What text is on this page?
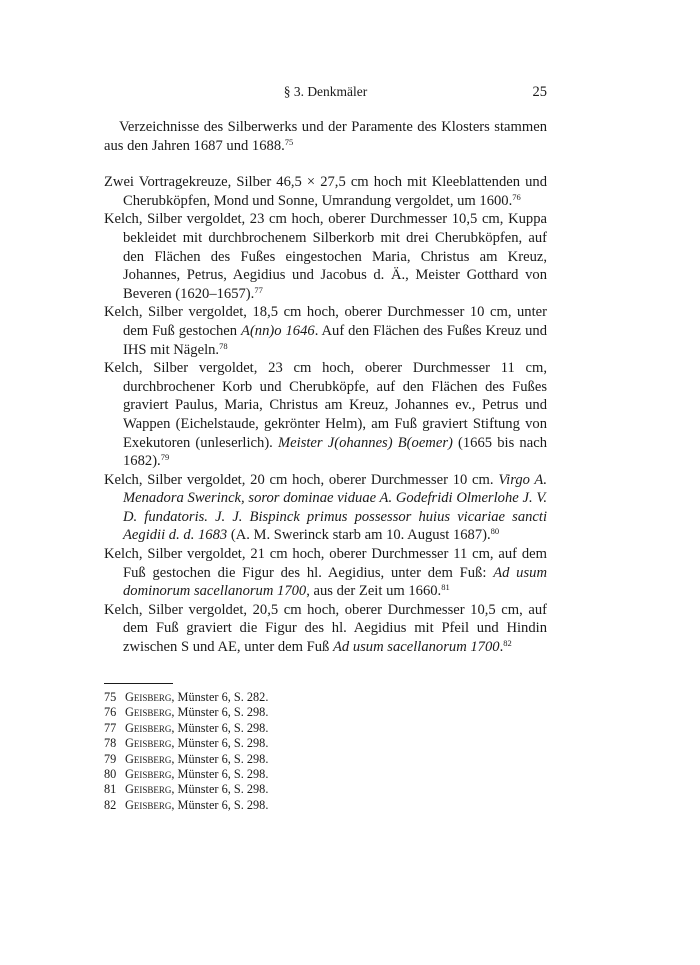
§ 3. Denkmäler	25

Verzeichnisse des Silberwerks und der Paramente des Klosters stammen aus den Jahren 1687 und 1688.75

Zwei Vortragekreuze, Silber 46,5 × 27,5 cm hoch mit Kleeblattenden und Cherubköpfen, Mond und Sonne, Umrandung vergoldet, um 1600.76
Kelch, Silber vergoldet, 23 cm hoch, oberer Durchmesser 10,5 cm, Kuppa bekleidet mit durchbrochenem Silberkorb mit drei Cherubköpfen, auf den Flächen des Fußes eingestochen Maria, Christus am Kreuz, Johannes, Petrus, Aegidius und Jacobus d. Ä., Meister Gotthard von Beveren (1620–1657).$^{77}$
Kelch, Silber vergoldet, 18,5 cm hoch, oberer Durchmesser 10 cm, unter dem Fuß gestochen A(nn)o 1646. Auf den Flächen des Fußes Kreuz und IHS mit Nägeln.$^{78}$
Kelch, Silber vergoldet, 23 cm hoch, oberer Durchmesser 11 cm, durchbrochener Korb und Cherubköpfe, auf den Flächen des Fußes graviert Paulus, Maria, Christus am Kreuz, Johannes ev., Petrus und Wappen (Eichelstaude, gekrönter Helm), am Fuß graviert Stiftung von Exekutoren (unleserlich). Meister J(ohannes) B(oemer) (1665 bis nach 1682).$^{79}$
Kelch, Silber vergoldet, 20 cm hoch, oberer Durchmesser 10 cm. Virgo A. Menadora Swerinck, soror dominae viduae A. Godefridi Olmerlohe J. V. D. fundatoris. J. J. Bispinck primus possessor huius vicariae sancti Aegidii d. d. 1683 (A. M. Swerinck starb am 10. August 1687).$^{80}$
Kelch, Silber vergoldet, 21 cm hoch, oberer Durchmesser 11 cm, auf dem Fuß gestochen die Figur des hl. Aegidius, unter dem Fuß: Ad usum dominorum sacellanorum 1700, aus der Zeit um 1660.81
Kelch, Silber vergoldet, 20,5 cm hoch, oberer Durchmesser 10,5 cm, auf dem Fuß graviert die Figur des hl. Aegidius mit Pfeil und Hindin zwischen S und AE, unter dem Fuß Ad usum sacellanorum 1700.82
75 Geisberg, Münster 6, S. 282.
76 Geisberg, Münster 6, S. 298.
77 Geisberg, Münster 6, S. 298.
78 Geisberg, Münster 6, S. 298.
79 Geisberg, Münster 6, S. 298.
80 Geisberg, Münster 6, S. 298.
81 Geisberg, Münster 6, S. 298.
82 Geisberg, Münster 6, S. 298.
